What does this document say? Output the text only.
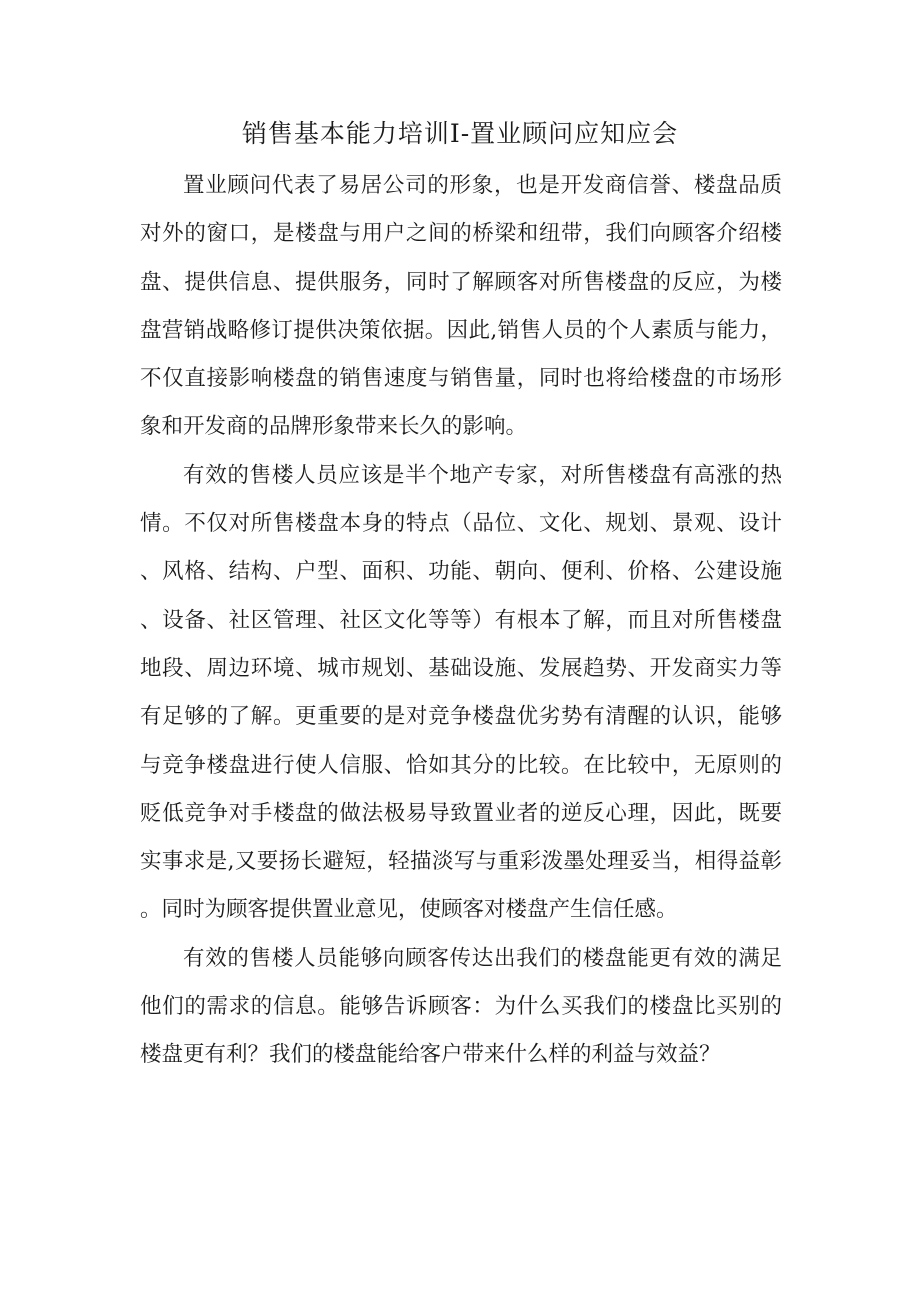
销售基本能力培训Ⅰ-置业顾问应知应会

置业顾问代表了易居公司的形象，也是开发商信誉、楼盘品质对外的窗口，是楼盘与用户之间的桥梁和纽带，我们向顾客介绍楼盘、提供信息、提供服务，同时了解顾客对所售楼盘的反应，为楼盘营销战略修订提供决策依据。因此,销售人员的个人素质与能力，不仅直接影响楼盘的销售速度与销售量，同时也将给楼盘的市场形象和开发商的品牌形象带来长久的影响。

有效的售楼人员应该是半个地产专家，对所售楼盘有高涨的热情。不仅对所售楼盘本身的特点（品位、文化、规划、景观、设计、风格、结构、户型、面积、功能、朝向、便利、价格、公建设施、设备、社区管理、社区文化等等）有根本了解，而且对所售楼盘地段、周边环境、城市规划、基础设施、发展趋势、开发商实力等有足够的了解。更重要的是对竞争楼盘优劣势有清醒的认识，能够与竞争楼盘进行使人信服、恰如其分的比较。在比较中，无原则的贬低竞争对手楼盘的做法极易导致置业者的逆反心理，因此，既要实事求是,又要扬长避短，轻描淡写与重彩泼墨处理妥当，相得益彰。同时为顾客提供置业意见，使顾客对楼盘产生信任感。

有效的售楼人员能够向顾客传达出我们的楼盘能更有效的满足他们的需求的信息。能够告诉顾客：为什么买我们的楼盘比买别的楼盘更有利？我们的楼盘能给客户带来什么样的利益与效益？
